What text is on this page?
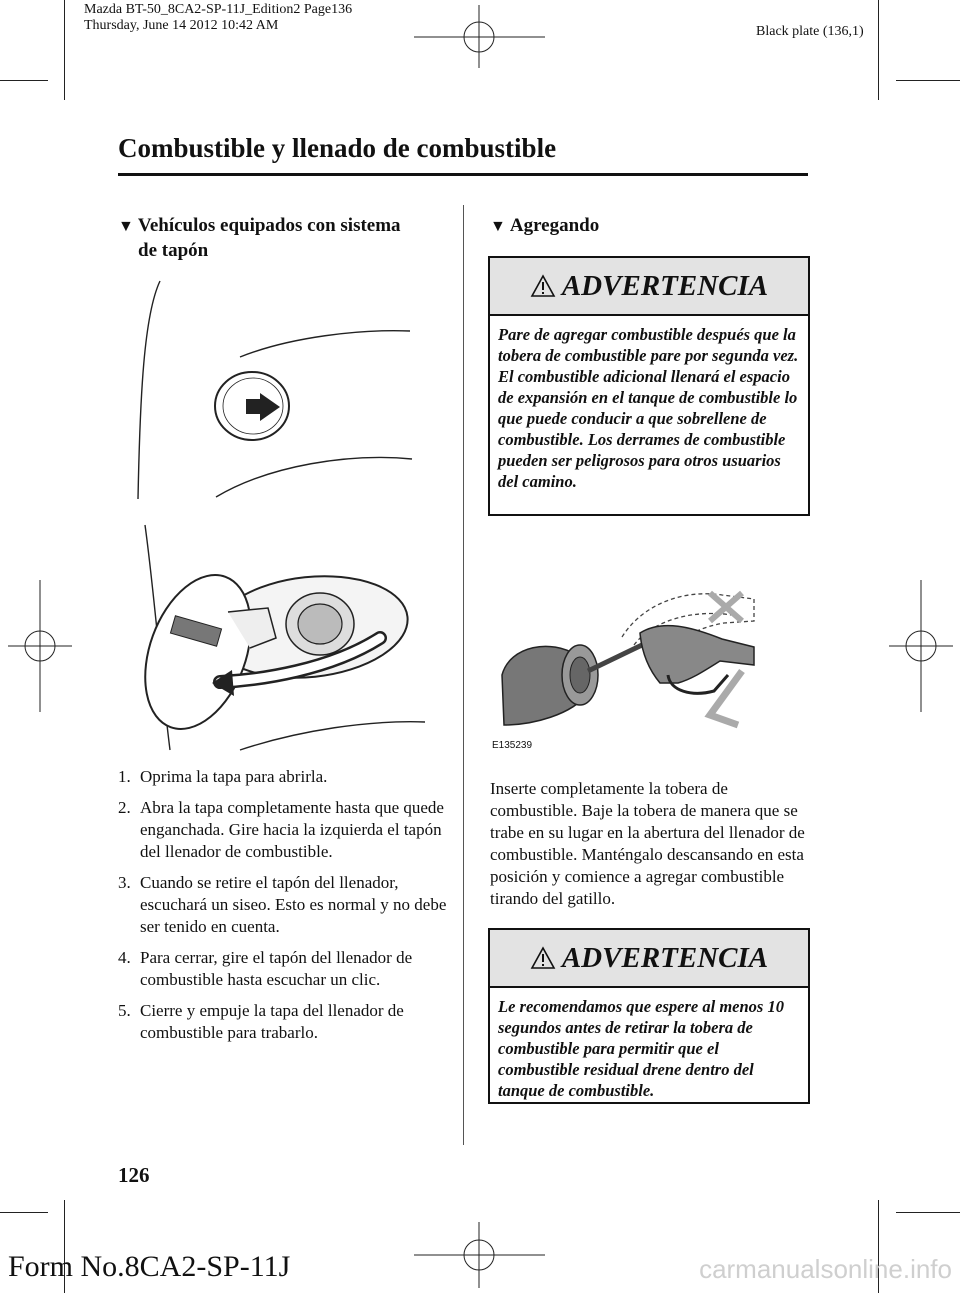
Mazda BT-50_8CA2-SP-11J_Edition2 Page136
Thursday, June 14 2012 10:42 AM	Black plate (136,1)
Combustible y llenado de combustible
▼ Vehículos equipados con sistema
de tapón
1. Oprima la tapa para abrirla.
2. Abra la tapa completamente hasta que quede enganchada. Gire hacia la izquierda el tapón del llenador de combustible.
3. Cuando se retire el tapón del llenador, escuchará un siseo. Esto es normal y no debe ser tenido en cuenta.
4. Para cerrar, gire el tapón del llenador de combustible hasta escuchar un clic.
5. Cierre y empuje la tapa del llenador de combustible para trabarlo.
▼ Agregando
ADVERTENCIA
Pare de agregar combustible después que la tobera de combustible pare por segunda vez. El combustible adicional llenará el espacio de expansión en el tanque de combustible lo que puede conducir a que sobrellene de combustible. Los derrames de combustible pueden ser peligrosos para otros usuarios del camino.
E135239
Inserte completamente la tobera de combustible. Baje la tobera de manera que se trabe en su lugar en la abertura del llenador de combustible. Manténgalo descansando en esta posición y comience a agregar combustible tirando del gatillo.
ADVERTENCIA
Le recomendamos que espere al menos 10 segundos antes de retirar la tobera de combustible para permitir que el combustible residual drene dentro del tanque de combustible.
126
Form No.8CA2-SP-11J	carmanualsonline.info
